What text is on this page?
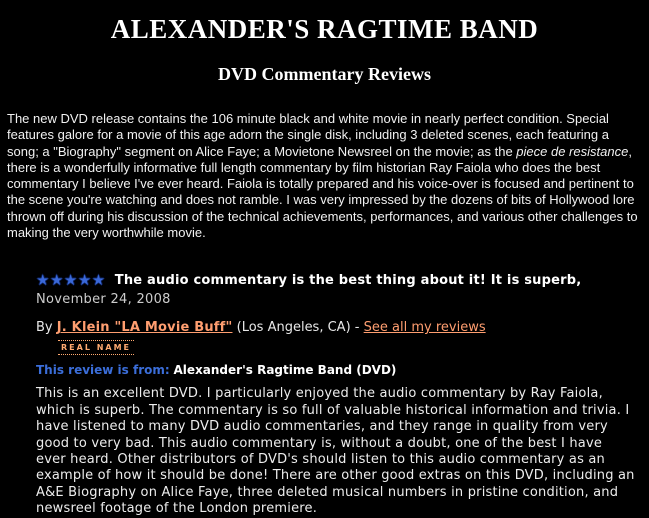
ALEXANDER'S RAGTIME BAND
DVD Commentary Reviews

The new DVD release contains the 106 minute black and white movie in nearly perfect condition. Special features galore for a movie of this age adorn the single disk, including 3 deleted scenes, each featuring a song; a "Biography" segment on Alice Faye; a Movietone Newsreel on the movie; as the piece de resistance, there is a wonderfully informative full length commentary by film historian Ray Faiola who does the best commentary I believe I've ever heard. Faiola is totally prepared and his voice-over is focused and pertinent to the scene you're watching and does not ramble. I was very impressed by the dozens of bits of Hollywood lore thrown off during his discussion of the technical achievements, performances, and various other challenges to making the very worthwhile movie.

★★★★★ The audio commentary is the best thing about it! It is superb,
November 24, 2008
By J. Klein "LA Movie Buff" (Los Angeles, CA) - See all my reviews
REAL NAME
This review is from: Alexander's Ragtime Band (DVD)
This is an excellent DVD. I particularly enjoyed the audio commentary by Ray Faiola, which is superb. The commentary is so full of valuable historical information and trivia. I have listened to many DVD audio commentaries, and they range in quality from very good to very bad. This audio commentary is, without a doubt, one of the best I have ever heard. Other distributors of DVD's should listen to this audio commentary as an example of how it should be done! There are other good extras on this DVD, including an A&E Biography on Alice Faye, three deleted musical numbers in pristine condition, and newsreel footage of the London premiere.
